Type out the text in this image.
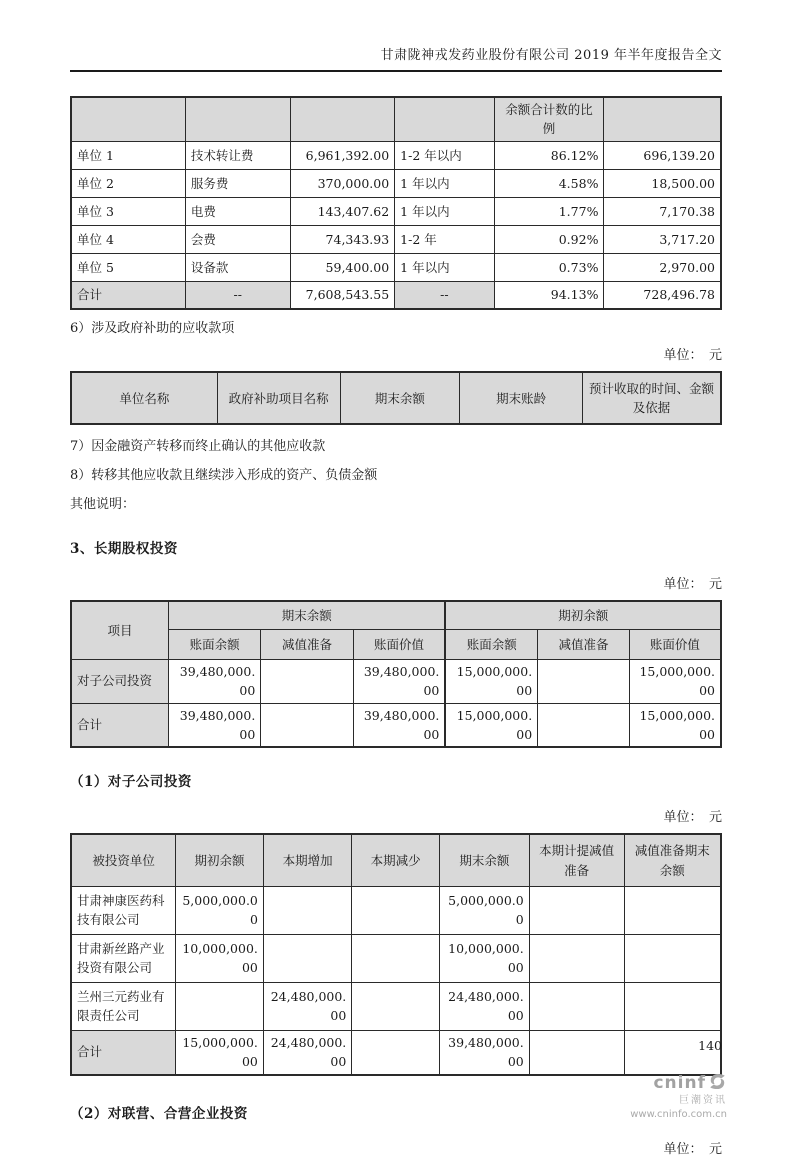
甘肃陇神戎发药业股份有限公司 2019 年半年度报告全文
				余额合计数的比例	
单位 1	技术转让费	6,961,392.00	1-2 年以内	86.12%	696,139.20
单位 2	服务费	370,000.00	1 年以内	4.58%	18,500.00
单位 3	电费	143,407.62	1 年以内	1.77%	7,170.38
单位 4	会费	74,343.93	1-2 年	0.92%	3,717.20
单位 5	设备款	59,400.00	1 年以内	0.73%	2,970.00
合计	--	7,608,543.55	--	94.13%	728,496.78
6）涉及政府补助的应收款项
单位：　元
单位名称	政府补助项目名称	期末余额	期末账龄	预计收取的时间、金额及依据
7）因金融资产转移而终止确认的其他应收款
8）转移其他应收款且继续涉入形成的资产、负债金额
其他说明：
3、长期股权投资
单位：　元
项目	期末余额			期初余额		
	账面余额	减值准备	账面价值	账面余额	减值准备	账面价值
对子公司投资	39,480,000.00		39,480,000.00	15,000,000.00		15,000,000.00
合计	39,480,000.00		39,480,000.00	15,000,000.00		15,000,000.00
（1）对子公司投资
单位：　元
被投资单位	期初余额	本期增加	本期减少	期末余额	本期计提减值准备	减值准备期末余额
甘肃神康医药科技有限公司	5,000,000.00			5,000,000.00		
甘肃新丝路产业投资有限公司	10,000,000.00			10,000,000.00		
兰州三元药业有限责任公司		24,480,000.00		24,480,000.00		
合计	15,000,000.00	24,480,000.00		39,480,000.00		
（2）对联营、合营企业投资
单位：　元
140
cninf
巨潮资讯
www.cninfo.com.cn
